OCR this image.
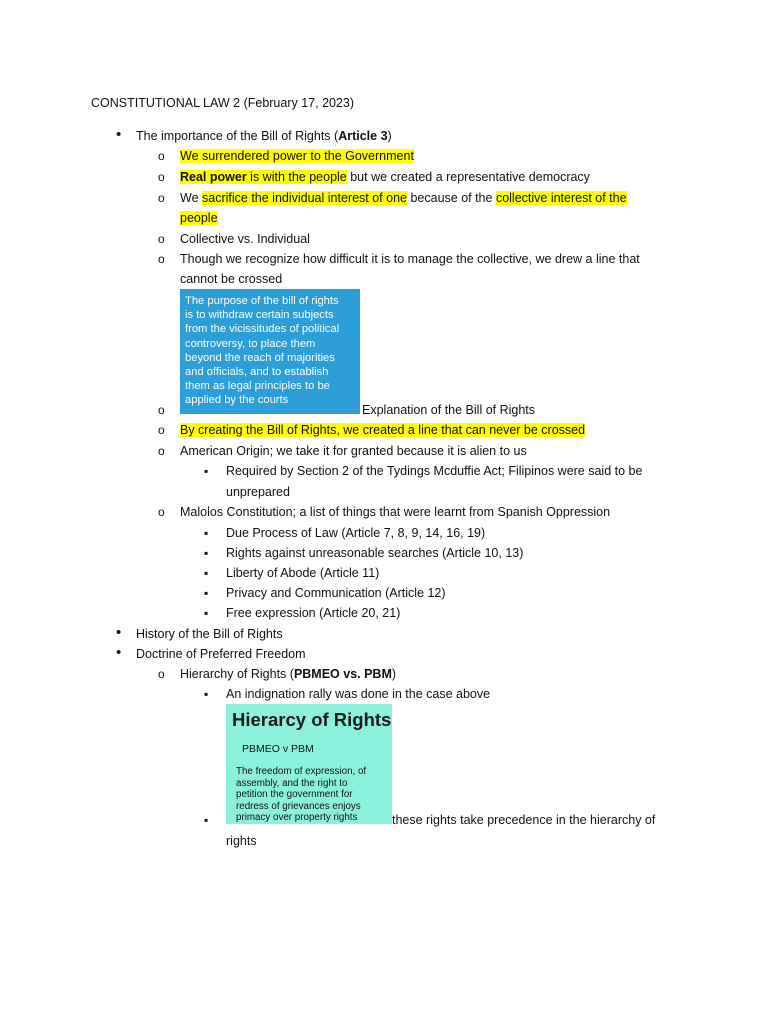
CONSTITUTIONAL LAW 2 (February 17, 2023)
• The importance of the Bill of Rights (Article 3)
o We surrendered power to the Government
o Real power is with the people but we created a representative democracy
o We sacrifice the individual interest of one because of the collective interest of the
people
o Collective vs. Individual
o Though we recognize how difficult it is to manage the collective, we drew a line that
cannot be crossed
The purpose of the bill of rights
is to withdraw certain subjects
from the vicissitudes of political
controversy, to place them
beyond the reach of majorities
and officials, and to establish
them as legal principles to be
applied by the courts
o	Explanation of the Bill of Rights
o By creating the Bill of Rights, we created a line that can never be crossed
o American Origin; we take it for granted because it is alien to us
▪ Required by Section 2 of the Tydings Mcduffie Act; Filipinos were said to be
unprepared
o Malolos Constitution; a list of things that were learnt from Spanish Oppression
▪ Due Process of Law (Article 7, 8, 9, 14, 16, 19)
▪ Rights against unreasonable searches (Article 10, 13)
▪ Liberty of Abode (Article 11)
▪ Privacy and Communication (Article 12)
▪ Free expression (Article 20, 21)
• History of the Bill of Rights
• Doctrine of Preferred Freedom
o Hierarchy of Rights (PBMEO vs. PBM)
▪ An indignation rally was done in the case above
Hierarcy of Rights
PBMEO v PBM
The freedom of expression, of
assembly, and the right to
petition the government for
redress of grievances enjoys
primacy over property rights
▪	these rights take precedence in the hierarchy of
rights
